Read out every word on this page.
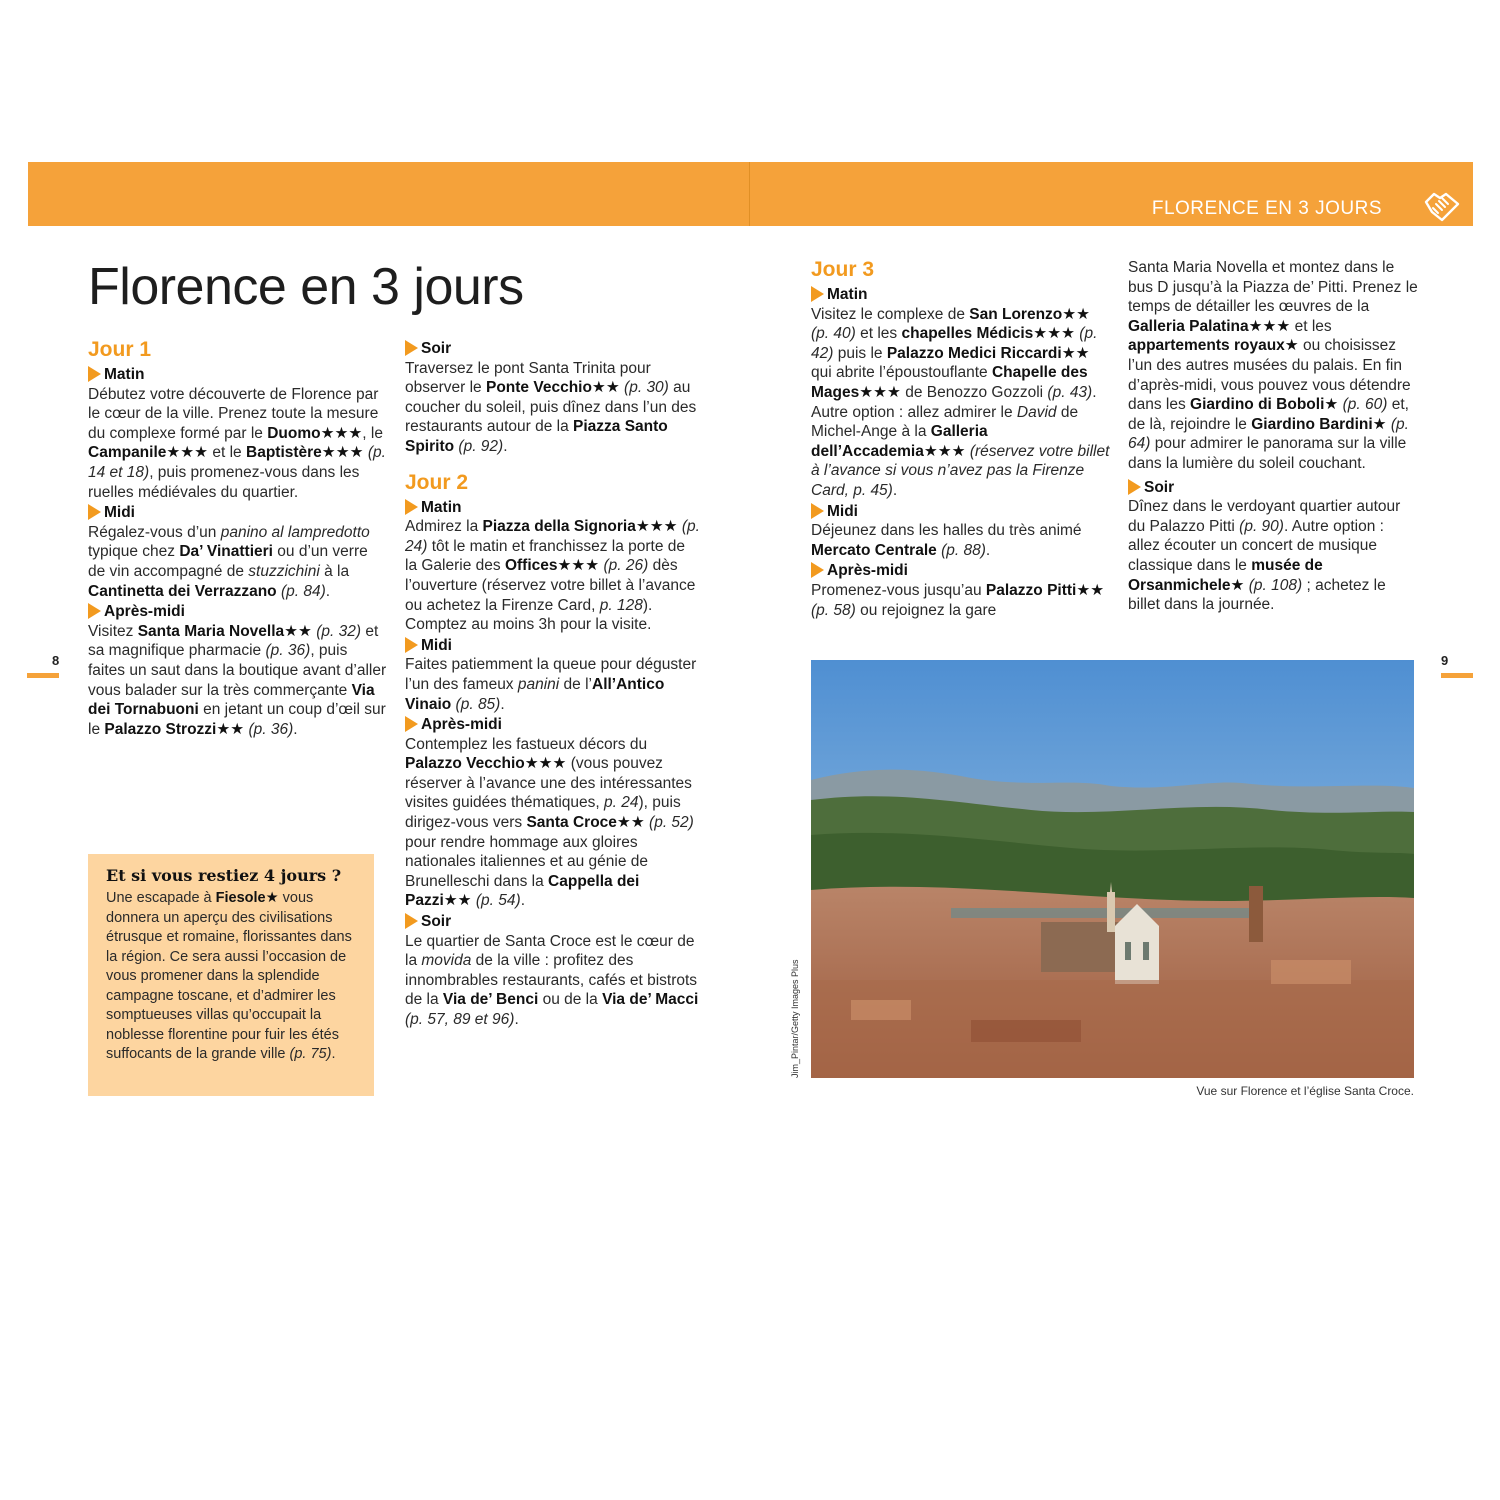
FLORENCE EN 3 JOURS
8	9
Florence en 3 jours
Jour 1
Matin

Débutez votre découverte de Florence par le cœur de la ville. Prenez toute la mesure du complexe formé par le Duomo★★★, le Campanile★★★ et le Baptistère★★★ (p. 14 et 18), puis promenez-vous dans les ruelles médiévales du quartier.

Midi

Régalez-vous d’un panino al lampredotto typique chez Da’ Vinattieri ou d’un verre de vin accompagné de stuzzichini à la Cantinetta dei Verrazzano (p. 84).

Après-midi

Visitez Santa Maria Novella★★ (p. 32) et sa magnifique pharmacie (p. 36), puis faites un saut dans la boutique avant d’aller vous balader sur la très commerçante Via dei Tornabuoni en jetant un coup d’œil sur le Palazzo Strozzi★★ (p. 36).

Et si vous restiez 4 jours ?

Une escapade à Fiesole★ vous donnera un aperçu des civilisations étrusque et romaine, florissantes dans la région. Ce sera aussi l’occasion de vous promener dans la splendide campagne toscane, et d’admirer les somptueuses villas qu’occupait la noblesse florentine pour fuir les étés suffocants de la grande ville (p. 75).

Soir

Traversez le pont Santa Trinita pour observer le Ponte Vecchio★★ (p. 30) au coucher du soleil, puis dînez dans l’un des restaurants autour de la Piazza Santo Spirito (p. 92).

Jour 2
Matin

Admirez la Piazza della Signoria★★★ (p. 24) tôt le matin et franchissez la porte de la Galerie des Offices★★★ (p. 26) dès l’ouverture (réservez votre billet à l’avance ou achetez la Firenze Card, p. 128). Comptez au moins 3h pour la visite.

Midi

Faites patiemment la queue pour déguster l’un des fameux panini de l’All’Antico Vinaio (p. 85).

Après-midi

Contemplez les fastueux décors du Palazzo Vecchio★★★ (vous pouvez réserver à l’avance une des intéressantes visites guidées thématiques, p. 24), puis dirigez-vous vers Santa Croce★★ (p. 52) pour rendre hommage aux gloires nationales italiennes et au génie de Brunelleschi dans la Cappella dei Pazzi★★ (p. 54).

Soir

Le quartier de Santa Croce est le cœur de la movida de la ville : profitez des innombrables restaurants, cafés et bistrots de la Via de’ Benci ou de la Via de’ Macci (p. 57, 89 et 96).

Jour 3
Matin

Visitez le complexe de San Lorenzo★★ (p. 40) et les chapelles Médicis★★★ (p. 42) puis le Palazzo Medici Riccardi★★ qui abrite l’époustouflante Chapelle des Mages★★★ de Benozzo Gozzoli (p. 43). Autre option : allez admirer le David de Michel-Ange à la Galleria dell’Accademia★★★ (réservez votre billet à l’avance si vous n’avez pas la Firenze Card, p. 45).

Midi

Déjeunez dans les halles du très animé Mercato Centrale (p. 88).

Après-midi

Promenez-vous jusqu’au Palazzo Pitti★★ (p. 58) ou rejoignez la gare

Santa Maria Novella et montez dans le bus D jusqu’à la Piazza de’ Pitti. Prenez le temps de détailler les œuvres de la Galleria Palatina★★★ et les appartements royaux★ ou choisissez l’un des autres musées du palais. En fin d’après-midi, vous pouvez vous détendre dans les Giardino di Boboli★ (p. 60) et, de là, rejoindre le Giardino Bardini★ (p. 64) pour admirer le panorama sur la ville dans la lumière du soleil couchant.

Soir

Dînez dans le verdoyant quartier autour du Palazzo Pitti (p. 90). Autre option : allez écouter un concert de musique classique dans le musée de Orsanmichele★ (p. 108) ; achetez le billet dans la journée.

Jim_Pintar/Getty Images Plus
Vue sur Florence et l’église Santa Croce.
